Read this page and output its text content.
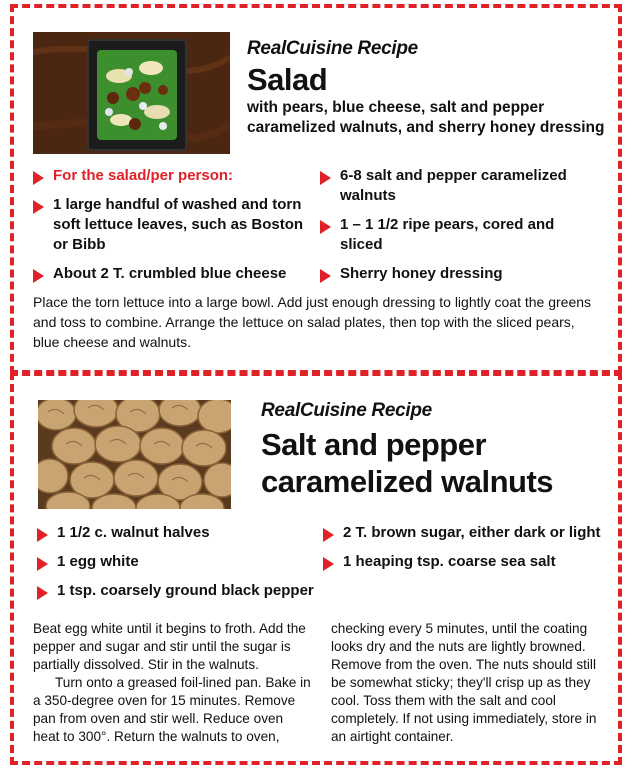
RealCuisine Recipe

Salad

with pears, blue cheese, salt and pepper caramelized walnuts, and sherry honey dressing

For the salad/per person:
1 large handful of washed and torn soft lettuce leaves, such as Boston or Bibb
About 2 T. crumbled blue cheese
6-8 salt and pepper caramelized walnuts
1 – 1 1/2 ripe pears, cored and sliced
Sherry honey dressing

Place the torn lettuce into a large bowl. Add just enough dressing to lightly coat the greens and toss to combine. Arrange the lettuce on salad plates, then top with the sliced pears, blue cheese and walnuts.

RealCuisine Recipe

Salt and pepper
caramelized walnuts
1 1/2 c. walnut halves
1 egg white
1 tsp. coarsely ground black pepper
2 T. brown sugar, either dark or light
1 heaping tsp. coarse sea salt

Beat egg white until it begins to froth. Add the pepper and sugar and stir until the sugar is partially dissolved. Stir in the walnuts.

Turn onto a greased foil-lined pan. Bake in a 350-degree oven for 15 minutes. Remove pan from oven and stir well. Reduce oven heat to 300°. Return the walnuts to oven,

checking every 5 minutes, until the coating looks dry and the nuts are lightly browned. Remove from the oven. The nuts should still be somewhat sticky; they'll crisp up as they cool. Toss them with the salt and cool completely. If not using immediately, store in an airtight container.
